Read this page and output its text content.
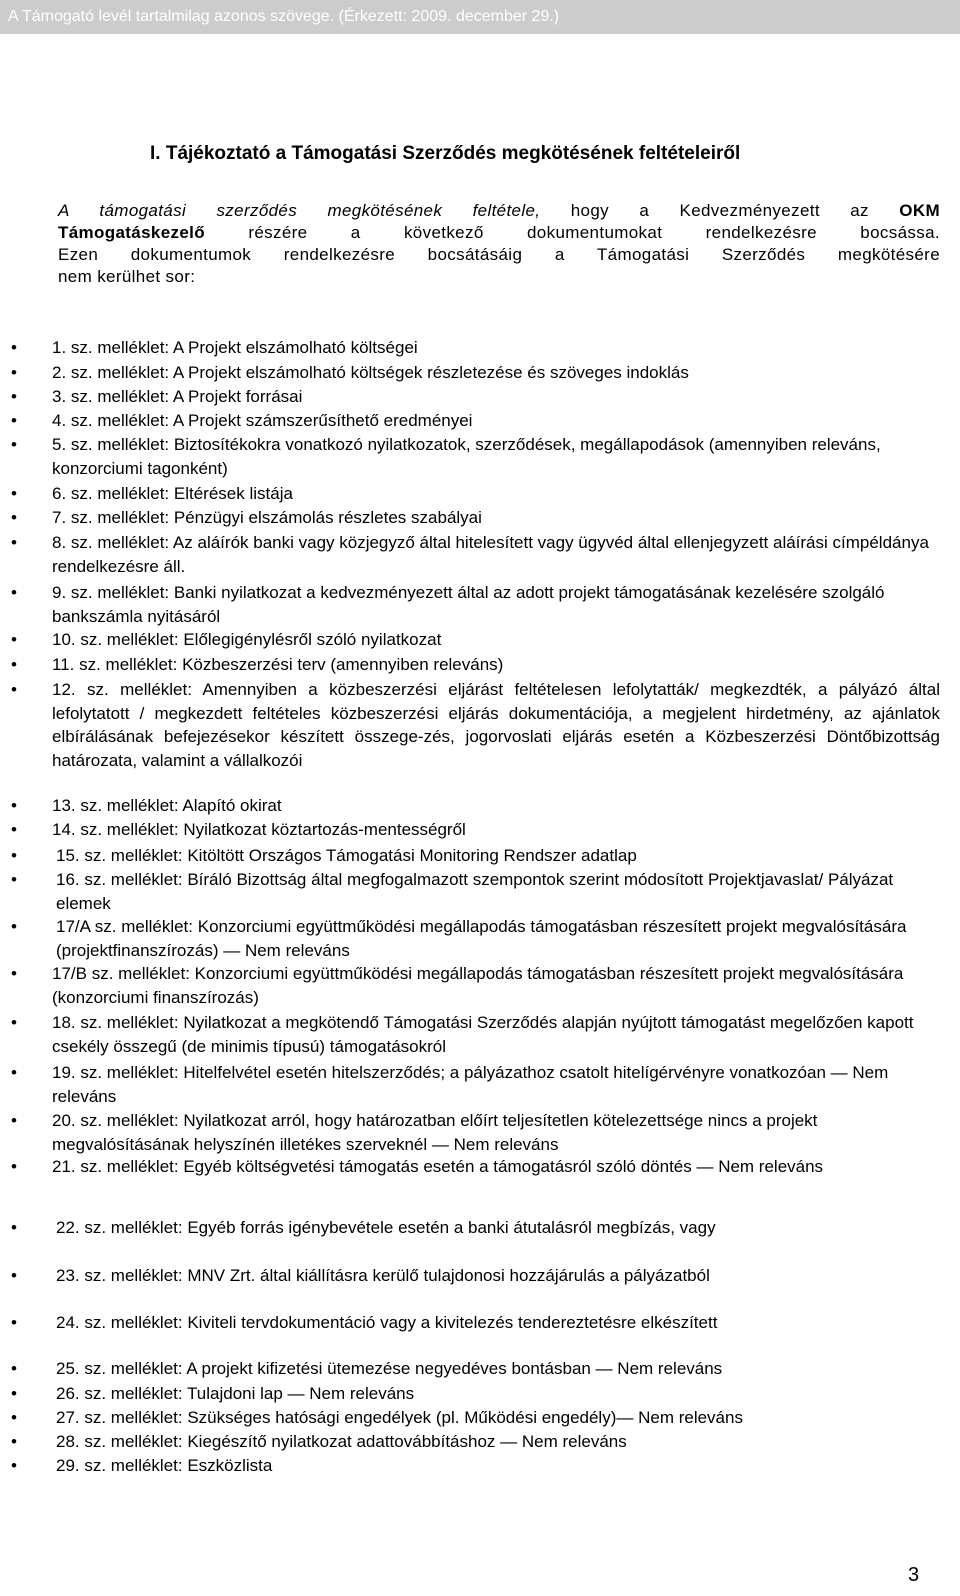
A Támogató levél tartalmilag azonos szövege. (Érkezett: 2009. december 29.)
I. Tájékoztató a Támogatási Szerződés megkötésének feltételeiről
A támogatási szerződés megkötésének feltétele, hogy a Kedvezményezett az OKM
Támogatáskezelő részére a következő dokumentumokat rendelkezésre bocsássa.
Ezen dokumentumok rendelkezésre bocsátásáig a Támogatási Szerződés megkötésére
nem kerülhet sor:
• 1. sz. melléklet: A Projekt elszámolható költségei
• 2. sz. melléklet: A Projekt elszámolható költségek részletezése és szöveges indoklás
• 3. sz. melléklet: A Projekt forrásai
• 4. sz. melléklet: A Projekt számszerűsíthető eredményei
• 5. sz. melléklet: Biztosítékokra vonatkozó nyilatkozatok, szerződések, megállapodások (amennyiben releváns, konzorciumi tagonként)
• 6. sz. melléklet: Eltérések listája
• 7. sz. melléklet: Pénzügyi elszámolás részletes szabályai
• 8. sz. melléklet: Az aláírók banki vagy közjegyző által hitelesített vagy ügyvéd által ellenjegyzett aláírási címpéldánya rendelkezésre áll.
• 9. sz. melléklet: Banki nyilatkozat a kedvezményezett által az adott projekt támogatásának kezelésére szolgáló bankszámla nyitásáról
• 10. sz. melléklet: Előlegigénylésről szóló nyilatkozat
• 11. sz. melléklet: Közbeszerzési terv (amennyiben releváns)
• 12. sz. melléklet: Amennyiben a közbeszerzési eljárást feltételesen lefolytatták/ megkezdték, a pályázó által lefolytatott / megkezdett feltételes közbeszerzési eljárás dokumentációja, a megjelent hirdetmény, az ajánlatok elbírálásának befejezésekor készített összege-zés, jogorvoslati eljárás esetén a Közbeszerzési Döntőbizottság határozata, valamint a vállalkozói
• 13. sz. melléklet: Alapító okirat
• 14. sz. melléklet: Nyilatkozat köztartozás-mentességről
• 15. sz. melléklet: Kitöltött Országos Támogatási Monitoring Rendszer adatlap
• 16. sz. melléklet: Bíráló Bizottság által megfogalmazott szempontok szerint módosított Projektjavaslat/ Pályázat elemek
• 17/A sz. melléklet: Konzorciumi együttműködési megállapodás támogatásban részesített projekt megvalósítására (projektfinanszírozás) — Nem releváns
• 17/B sz. melléklet: Konzorciumi együttműködési megállapodás támogatásban részesített projekt megvalósítására (konzorciumi finanszírozás)
• 18. sz. melléklet: Nyilatkozat a megkötendő Támogatási Szerződés alapján nyújtott támogatást megelőzően kapott csekély összegű (de minimis típusú) támogatásokról
• 19. sz. melléklet: Hitelfelvétel esetén hitelszerződés; a pályázathoz csatolt hitelígérvényre vonatkozóan — Nem releváns
• 20. sz. melléklet: Nyilatkozat arról, hogy határozatban előírt teljesítetlen kötelezettsége nincs a projekt megvalósításának helyszínén illetékes szerveknél — Nem releváns
• 21. sz. melléklet: Egyéb költségvetési támogatás esetén a támogatásról szóló döntés — Nem releváns
• 22. sz. melléklet: Egyéb forrás igénybevétele esetén a banki átutalásról megbízás, vagy
• 23. sz. melléklet: MNV Zrt. által kiállításra kerülő tulajdonosi hozzájárulás a pályázatból
• 24. sz. melléklet: Kiviteli tervdokumentáció vagy a kivitelezés tendereztetésre elkészített
• 25. sz. melléklet: A projekt kifizetési ütemezése negyedéves bontásban — Nem releváns
• 26. sz. melléklet: Tulajdoni lap — Nem releváns
• 27. sz. melléklet: Szükséges hatósági engedélyek (pl. Működési engedély)— Nem releváns
• 28. sz. melléklet: Kiegészítő nyilatkozat adattovábbításhoz — Nem releváns
• 29. sz. melléklet: Eszközlista
3
